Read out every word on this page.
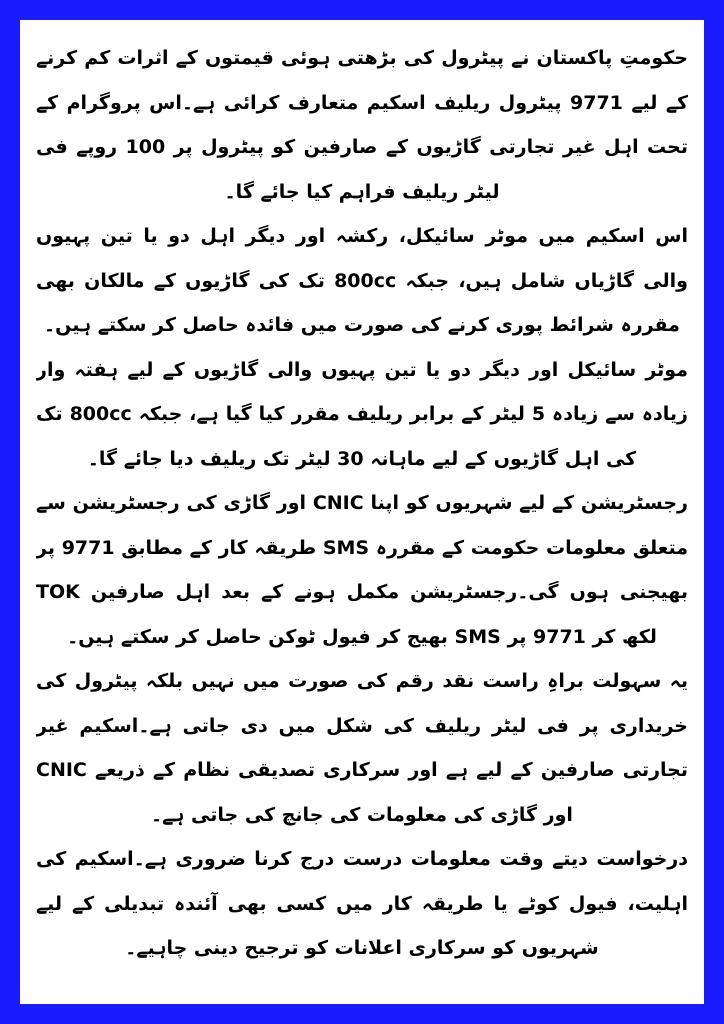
حکومتِ پاکستان نے پیٹرول کی بڑھتی ہوئی قیمتوں کے اثرات کم کرنے کے لیے 9771 پیٹرول ریلیف اسکیم متعارف کرائی ہے۔اس پروگرام کے تحت اہل غیر تجارتی گاڑیوں کے صارفین کو پیٹرول پر 100 روپے فی لیٹر ریلیف فراہم کیا جائے گا۔

اس اسکیم میں موٹر سائیکل، رکشہ اور دیگر اہل دو یا تین پہیوں والی گاڑیاں شامل ہیں، جبکہ 800cc تک کی گاڑیوں کے مالکان بھی مقررہ شرائط پوری کرنے کی صورت میں فائدہ حاصل کر سکتے ہیں۔

موٹر سائیکل اور دیگر دو یا تین پہیوں والی گاڑیوں کے لیے ہفتہ وار زیادہ سے زیادہ 5 لیٹر کے برابر ریلیف مقرر کیا گیا ہے، جبکہ 800cc تک کی اہل گاڑیوں کے لیے ماہانہ 30 لیٹر تک ریلیف دیا جائے گا۔

رجسٹریشن کے لیے شہریوں کو اپنا CNIC اور گاڑی کی رجسٹریشن سے متعلق معلومات حکومت کے مقررہ SMS طریقہ کار کے مطابق 9771 پر بھیجنی ہوں گی۔رجسٹریشن مکمل ہونے کے بعد اہل صارفین TOK لکھ کر 9771 پر SMS بھیج کر فیول ٹوکن حاصل کر سکتے ہیں۔

یہ سہولت براہِ راست نقد رقم کی صورت میں نہیں بلکہ پیٹرول کی خریداری پر فی لیٹر ریلیف کی شکل میں دی جاتی ہے۔اسکیم غیر تجارتی صارفین کے لیے ہے اور سرکاری تصدیقی نظام کے ذریعے CNIC اور گاڑی کی معلومات کی جانچ کی جاتی ہے۔

درخواست دیتے وقت معلومات درست درج کرنا ضروری ہے۔اسکیم کی اہلیت، فیول کوٹے یا طریقہ کار میں کسی بھی آئندہ تبدیلی کے لیے شہریوں کو سرکاری اعلانات کو ترجیح دینی چاہیے۔
